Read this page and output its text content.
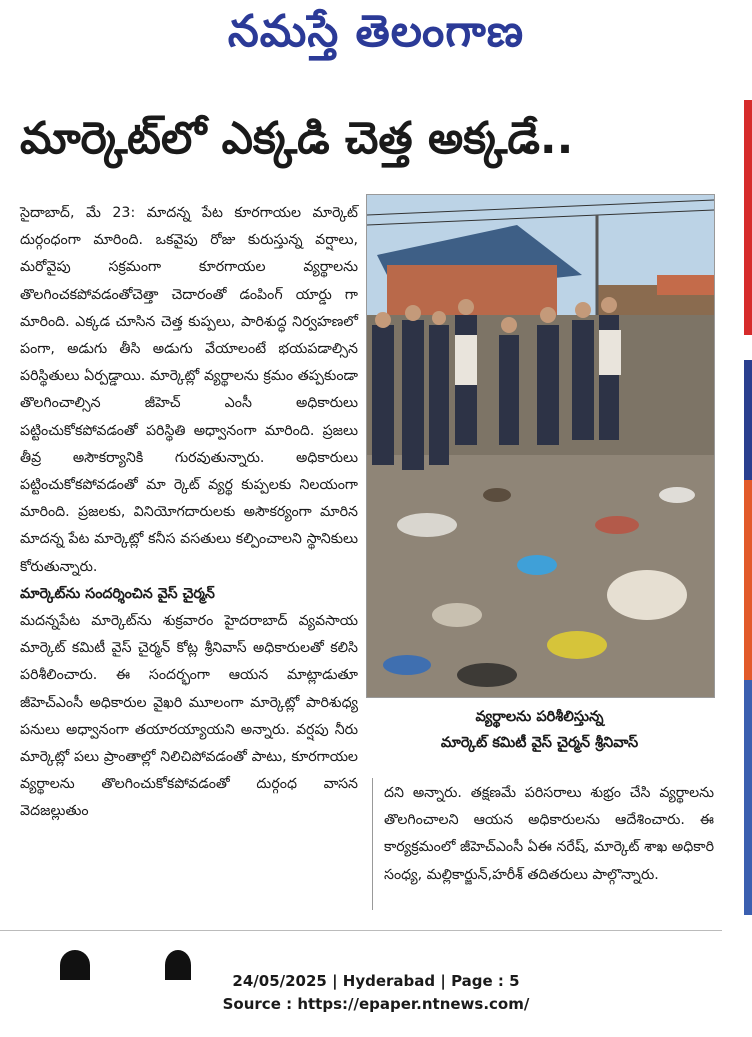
నమస్తే తెలంగాణ
మార్కెట్‌లో ఎక్కడి చెత్త అక్కడే..

సైదాబాద్, మే 23: మాదన్న పేట కూరగాయల మార్కెట్ దుర్గంధంగా మారింది. ఒకవైపు రోజు కురుస్తున్న వర్షాలు, మరోవైపు సక్రమంగా కూరగాయల వ్యర్థాలను తొలగించకపోవడంతోచెత్తా చెదారంతో డంపింగ్ యార్డు గా మారింది. ఎక్కడ చూసిన చెత్త కుప్పలు, పారిశుద్ధ నిర్వహణలో పంగా, అడుగు తీసి అడుగు వేయాలంటే భయపడాల్సిన పరిస్థితులు ఏర్పడ్డాయి. మార్కెట్లో వ్యర్థాలను క్రమం తప్పకుండా తొలగించాల్సిన జీహెచ్ ఎంసీ అధికారులు పట్టించుకోకపోవడంతో పరిస్థితి అధ్వానంగా మారింది. ప్రజలు తీవ్ర అసౌకర్యానికి గురవుతున్నారు. అధికారులు పట్టించుకోకపోవడంతో మా ర్కెట్ వ్యర్థ కుప్పలకు నిలయంగా మారింది. ప్రజలకు, వినియోగదారులకు అసౌకర్యంగా మారిన మాదన్న పేట మార్కెట్లో కనీస వసతులు కల్పించాలని స్థానికులు కోరుతున్నారు.

మార్కెట్‌ను సందర్శించిన వైస్ చైర్మన్

మదన్నపేట మార్కెట్‌ను శుక్రవారం హైదరాబాద్ వ్యవసాయ మార్కెట్ కమిటీ వైస్ చైర్మన్ కోట్ల శ్రీనివాస్ అధికారులతో కలిసి పరిశీలించారు. ఈ సందర్భంగా ఆయన మాట్లాడుతూ జీహెచ్ఎంసీ అధికారుల వైఖరి మూలంగా మార్కెట్లో పారిశుధ్య పనులు అధ్వానంగా తయారయ్యాయని అన్నారు. వర్షపు నీరు మార్కెట్లో పలు ప్రాంతాల్లో నిలిచిపోవడంతో పాటు, కూరగాయల వ్యర్థాలను తొలగించుకోకపోవడంతో దుర్గంధ వాసన వెదజల్లుతుం

వ్యర్థాలను పరిశీలిస్తున్న
మార్కెట్ కమిటీ వైస్ చైర్మన్ శ్రీనివాస్

దని అన్నారు. తక్షణమే పరిసరాలు శుభ్రం చేసి వ్యర్థాలను తొలగించాలని ఆయన అధికారులను ఆదేశించారు. ఈ కార్యక్రమంలో జీహెచ్ఎంసీ ఏఈ నరేష్, మార్కెట్ శాఖ అధికారి సంధ్య, మల్లికార్జున్,హరీశ్ తదితరులు పాల్గొన్నారు.

24/05/2025 | Hyderabad | Page : 5
Source : https://epaper.ntnews.com/
